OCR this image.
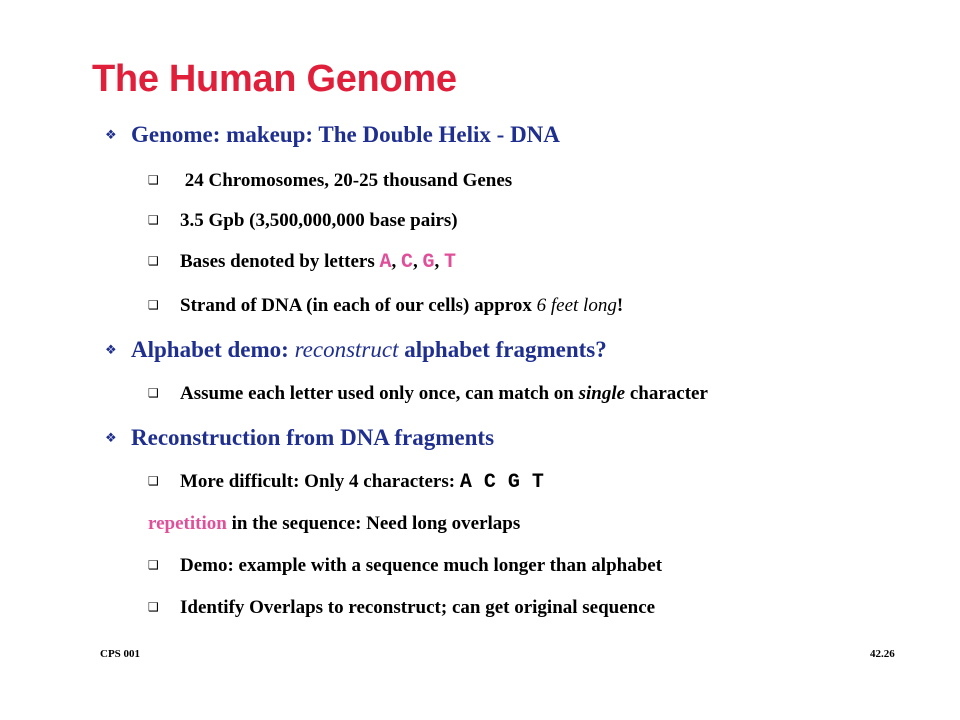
The Human Genome
❖ Genome: makeup: The Double Helix - DNA
❑ 24 Chromosomes, 20-25 thousand Genes
❑ 3.5 Gpb (3,500,000,000 base pairs)
❑ Bases denoted by letters A, C, G, T
❑ Strand of DNA (in each of our cells) approx 6 feet long!
❖ Alphabet demo: reconstruct alphabet fragments?
❑ Assume each letter used only once, can match on single character
❖ Reconstruction from DNA fragments
❑ More difficult: Only 4 characters: A C G T
repetition in the sequence: Need long overlaps
❑ Demo: example with a sequence much longer than alphabet
❑ Identify Overlaps to reconstruct; can get original sequence
CPS 001	42.26
